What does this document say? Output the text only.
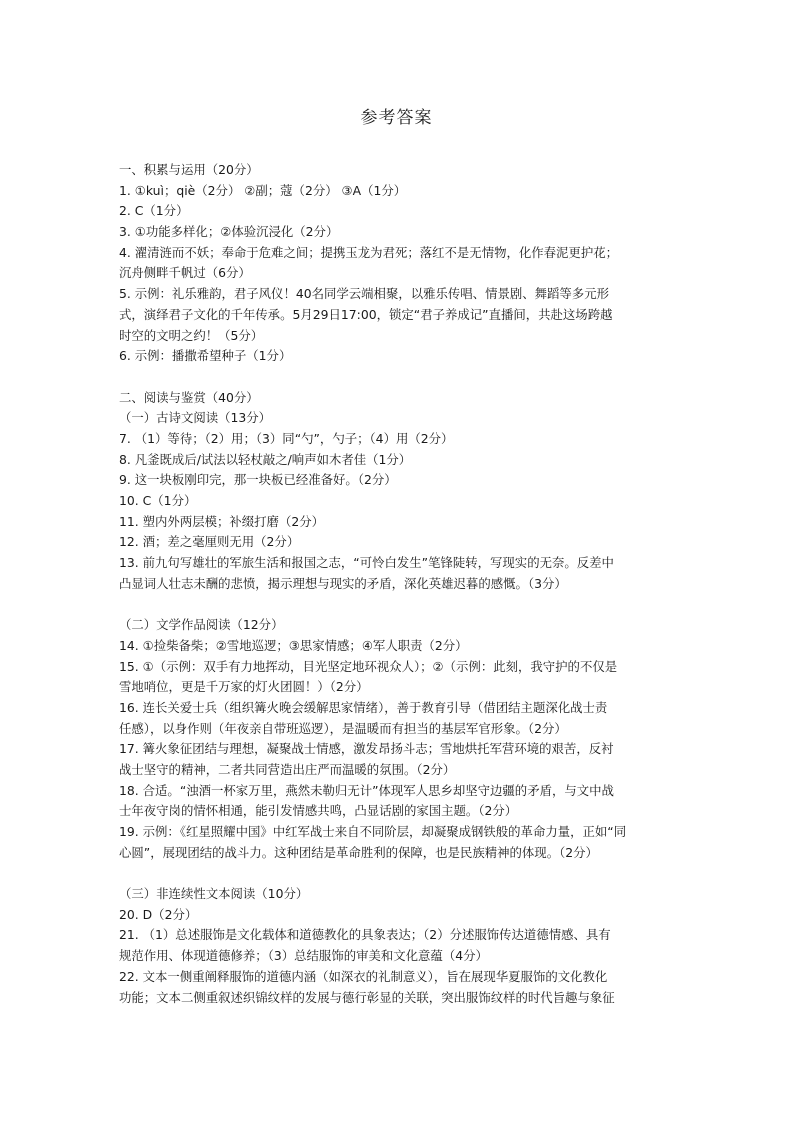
参考答案
一、积累与运用（20分）
1. ①kuì；qiè（2分） ②副；蔻（2分） ③A（1分）
2. C（1分）
3. ①功能多样化；②体验沉浸化（2分）
4. 濯清涟而不妖；奉命于危难之间；提携玉龙为君死；落红不是无情物，化作春泥更护花；
沉舟侧畔千帆过（6分）
5. 示例：礼乐雅韵，君子风仪！40名同学云端相聚，以雅乐传唱、情景剧、舞蹈等多元形
式，演绎君子文化的千年传承。5月29日17:00，锁定“君子养成记”直播间，共赴这场跨越
时空的文明之约！（5分）
6. 示例：播撒希望种子（1分）
二、阅读与鉴赏（40分）
（一）古诗文阅读（13分）
7. （1）等待；（2）用；（3）同“勺”，勺子；（4）用（2分）
8. 凡釜既成后/试法以轻杖敲之/响声如木者佳（1分）
9. 这一块板刚印完，那一块板已经准备好。（2分）
10. C（1分）
11. 塑内外两层模；补缀打磨（2分）
12. 酒；差之毫厘则无用（2分）
13. 前九句写雄壮的军旅生活和报国之志，“可怜白发生”笔锋陡转，写现实的无奈。反差中
凸显词人壮志未酬的悲愤，揭示理想与现实的矛盾，深化英雄迟暮的感慨。（3分）
（二）文学作品阅读（12分）
14. ①捡柴备柴；②雪地巡逻；③思家情感；④军人职责（2分）
15. ①（示例：双手有力地挥动，目光坚定地环视众人）；②（示例：此刻，我守护的不仅是
雪地哨位，更是千万家的灯火团圆！）（2分）
16. 连长关爱士兵（组织篝火晚会缓解思家情绪），善于教育引导（借团结主题深化战士责
任感），以身作则（年夜亲自带班巡逻），是温暖而有担当的基层军官形象。（2分）
17. 篝火象征团结与理想，凝聚战士情感，激发昂扬斗志；雪地烘托军营环境的艰苦，反衬
战士坚守的精神，二者共同营造出庄严而温暖的氛围。（2分）
18. 合适。“浊酒一杯家万里，燕然未勒归无计”体现军人思乡却坚守边疆的矛盾，与文中战
士年夜守岗的情怀相通，能引发情感共鸣，凸显话剧的家国主题。（2分）
19. 示例：《红星照耀中国》中红军战士来自不同阶层，却凝聚成钢铁般的革命力量，正如“同
心圆”，展现团结的战斗力。这种团结是革命胜利的保障，也是民族精神的体现。（2分）
（三）非连续性文本阅读（10分）
20. D（2分）
21. （1）总述服饰是文化载体和道德教化的具象表达；（2）分述服饰传达道德情感、具有
规范作用、体现道德修养；（3）总结服饰的审美和文化意蕴（4分）
22. 文本一侧重阐释服饰的道德内涵（如深衣的礼制意义），旨在展现华夏服饰的文化教化
功能；文本二侧重叙述织锦纹样的发展与德行彰显的关联，突出服饰纹样的时代旨趣与象征
